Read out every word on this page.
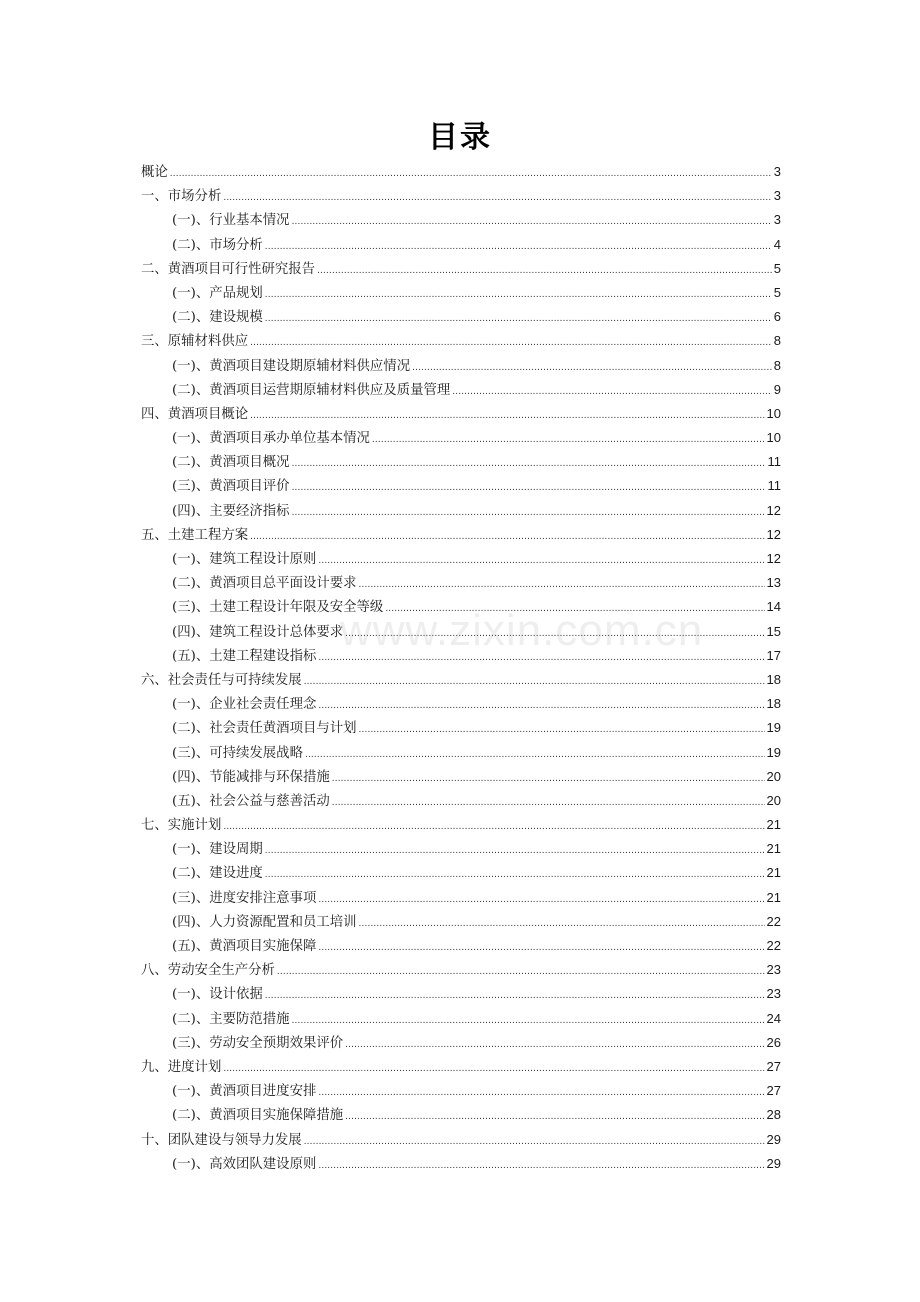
目录
概论 .....	3
一、市场分析 .....	3
(一)、行业基本情况 .....	3
(二)、市场分析 .....	4
二、黄酒项目可行性研究报告 .....	5
(一)、产品规划 .....	5
(二)、建设规模 .....	6
三、原辅材料供应 .....	8
(一)、黄酒项目建设期原辅材料供应情况 .....	8
(二)、黄酒项目运营期原辅材料供应及质量管理 .....	9
四、黄酒项目概论 .....	10
(一)、黄酒项目承办单位基本情况 .....	10
(二)、黄酒项目概况 .....	11
(三)、黄酒项目评价 .....	11
(四)、主要经济指标 .....	12
五、土建工程方案 .....	12
(一)、建筑工程设计原则 .....	12
(二)、黄酒项目总平面设计要求 .....	13
(三)、土建工程设计年限及安全等级 .....	14
(四)、建筑工程设计总体要求 .....	15
(五)、土建工程建设指标 .....	17
六、社会责任与可持续发展 .....	18
(一)、企业社会责任理念 .....	18
(二)、社会责任黄酒项目与计划 .....	19
(三)、可持续发展战略 .....	19
(四)、节能减排与环保措施 .....	20
(五)、社会公益与慈善活动 .....	20
七、实施计划 .....	21
(一)、建设周期 .....	21
(二)、建设进度 .....	21
(三)、进度安排注意事项 .....	21
(四)、人力资源配置和员工培训 .....	22
(五)、黄酒项目实施保障 .....	22
八、劳动安全生产分析 .....	23
(一)、设计依据 .....	23
(二)、主要防范措施 .....	24
(三)、劳动安全预期效果评价 .....	26
九、进度计划 .....	27
(一)、黄酒项目进度安排 .....	27
(二)、黄酒项目实施保障措施 .....	28
十、团队建设与领导力发展 .....	29
(一)、高效团队建设原则 .....	29
www.zixin.com.cn
